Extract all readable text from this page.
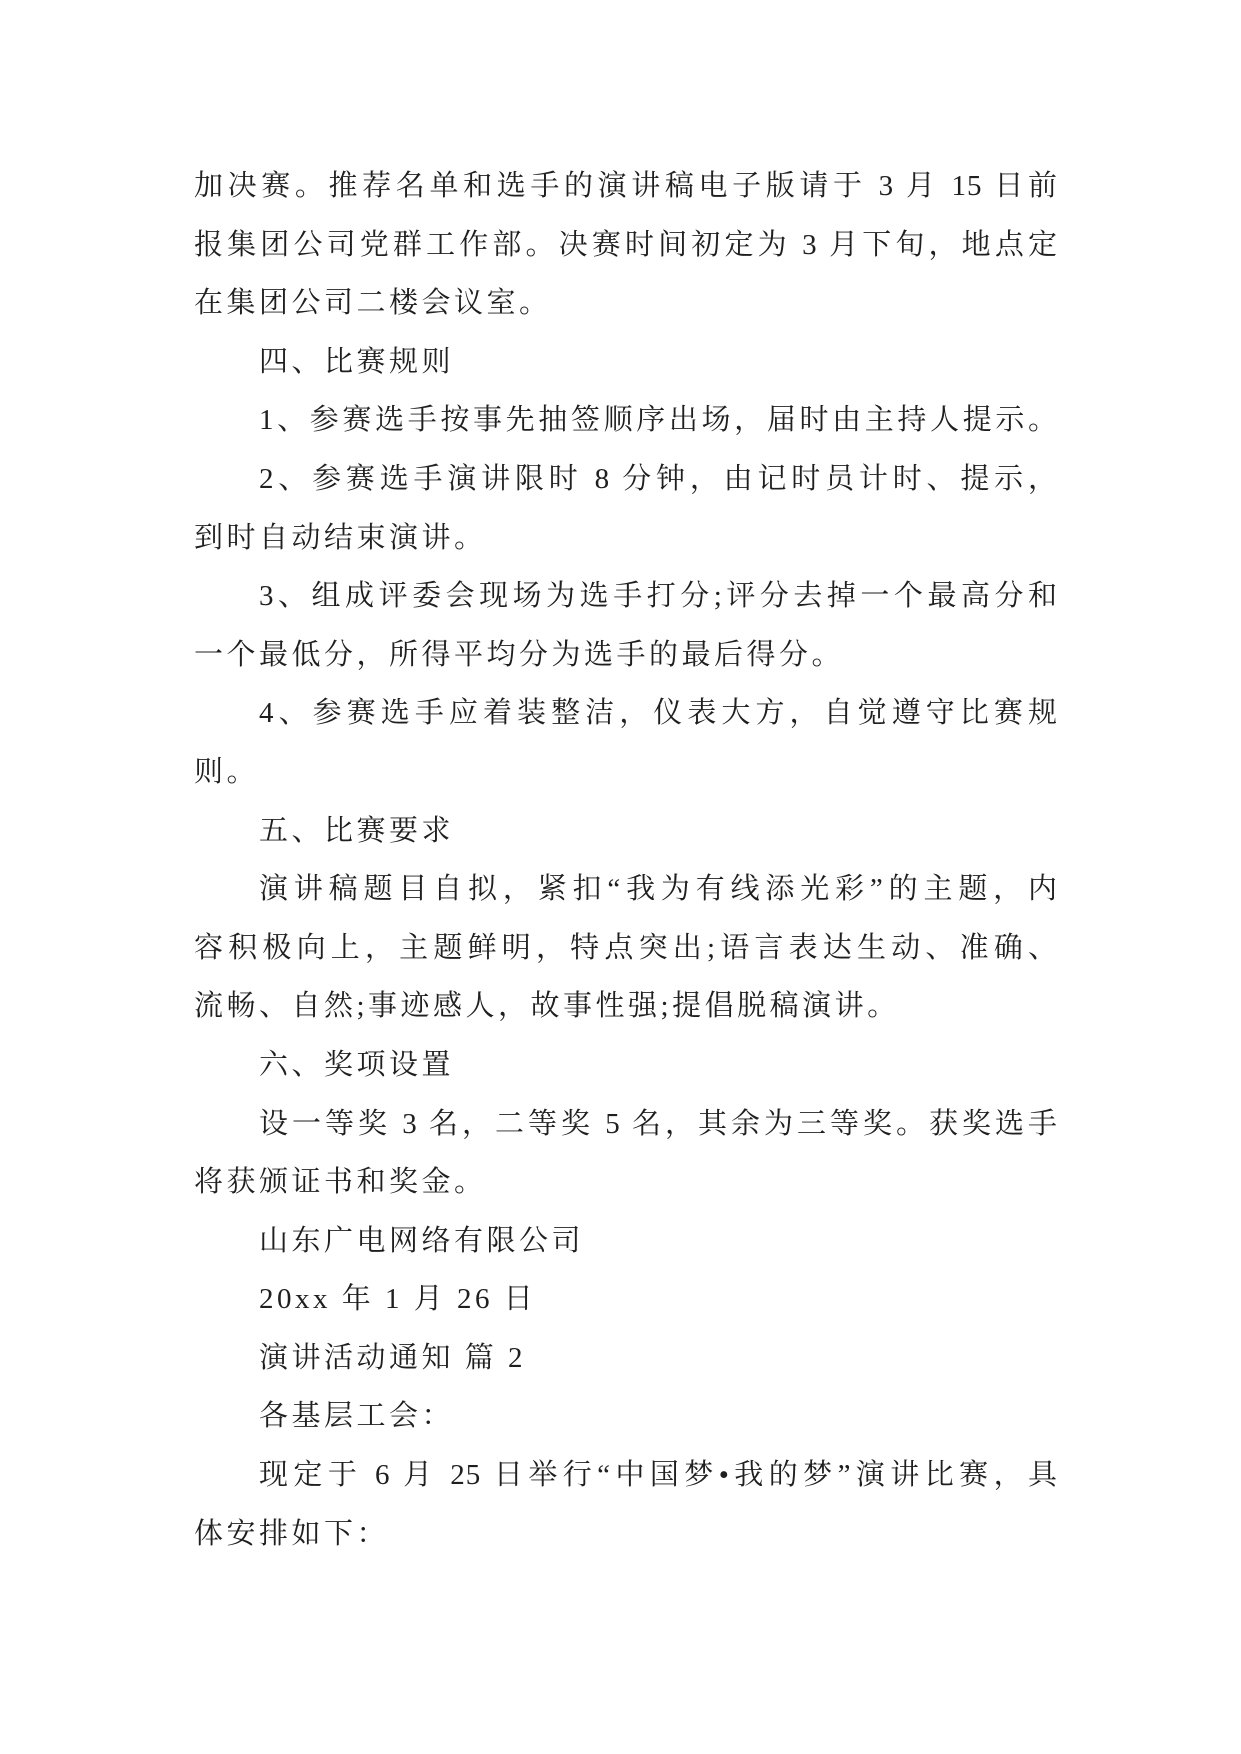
加决赛。推荐名单和选手的演讲稿电子版请于 3 月 15 日前
报集团公司党群工作部。决赛时间初定为 3 月下旬，地点定
在集团公司二楼会议室。
四、比赛规则
1、参赛选手按事先抽签顺序出场，届时由主持人提示。
2、参赛选手演讲限时 8 分钟，由记时员计时、提示，
到时自动结束演讲。
3、组成评委会现场为选手打分;评分去掉一个最高分和
一个最低分，所得平均分为选手的最后得分。
4、参赛选手应着装整洁，仪表大方，自觉遵守比赛规
则。
五、比赛要求
演讲稿题目自拟，紧扣“我为有线添光彩”的主题，内
容积极向上，主题鲜明，特点突出;语言表达生动、准确、
流畅、自然;事迹感人，故事性强;提倡脱稿演讲。
六、奖项设置
设一等奖 3 名，二等奖 5 名，其余为三等奖。获奖选手
将获颁证书和奖金。
山东广电网络有限公司
20xx 年 1 月 26 日
演讲活动通知 篇 2
各基层工会：
现定于 6 月 25 日举行“中国梦•我的梦”演讲比赛，具
体安排如下：
